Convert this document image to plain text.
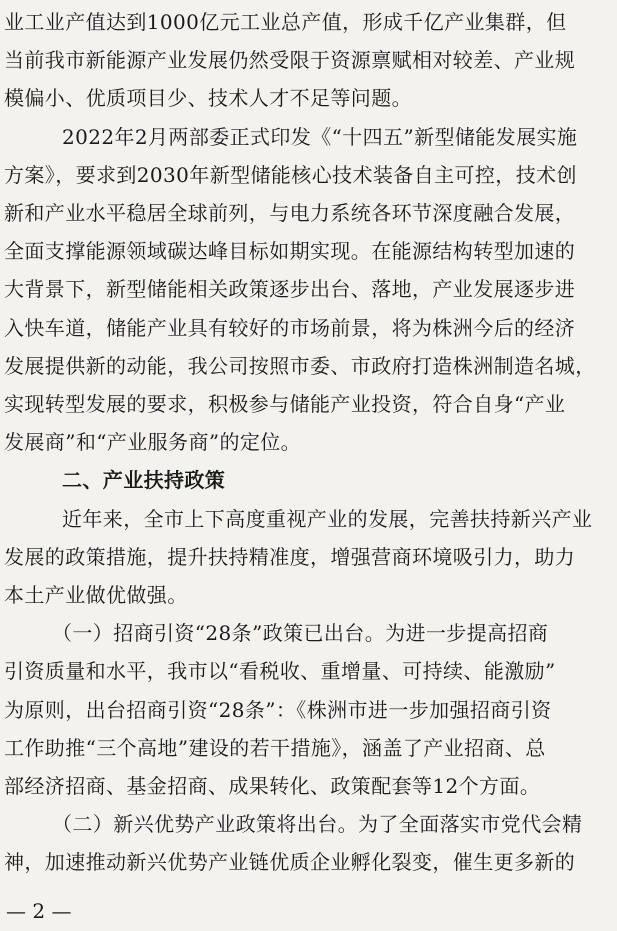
业工业产值达到1000亿元工业总产值，形成千亿产业集群，但
当前我市新能源产业发展仍然受限于资源禀赋相对较差、产业规
模偏小、优质项目少、技术人才不足等问题。
2022年2月两部委正式印发《“十四五”新型储能发展实施
方案》，要求到2030年新型储能核心技术装备自主可控，技术创
新和产业水平稳居全球前列，与电力系统各环节深度融合发展，
全面支撑能源领域碳达峰目标如期实现。在能源结构转型加速的
大背景下，新型储能相关政策逐步出台、落地，产业发展逐步进
入快车道，储能产业具有较好的市场前景，将为株洲今后的经济
发展提供新的动能，我公司按照市委、市政府打造株洲制造名城，
实现转型发展的要求，积极参与储能产业投资，符合自身“产业
发展商”和“产业服务商”的定位。
二、产业扶持政策
近年来，全市上下高度重视产业的发展，完善扶持新兴产业
发展的政策措施，提升扶持精准度，增强营商环境吸引力，助力
本土产业做优做强。
（一）招商引资“28条”政策已出台。为进一步提高招商
引资质量和水平，我市以“看税收、重增量、可持续、能激励”
为原则，出台招商引资“28条”：《株洲市进一步加强招商引资
工作助推“三个高地”建设的若干措施》，涵盖了产业招商、总
部经济招商、基金招商、成果转化、政策配套等12个方面。
（二）新兴优势产业政策将出台。为了全面落实市党代会精
神，加速推动新兴优势产业链优质企业孵化裂变，催生更多新的
— 2 —
